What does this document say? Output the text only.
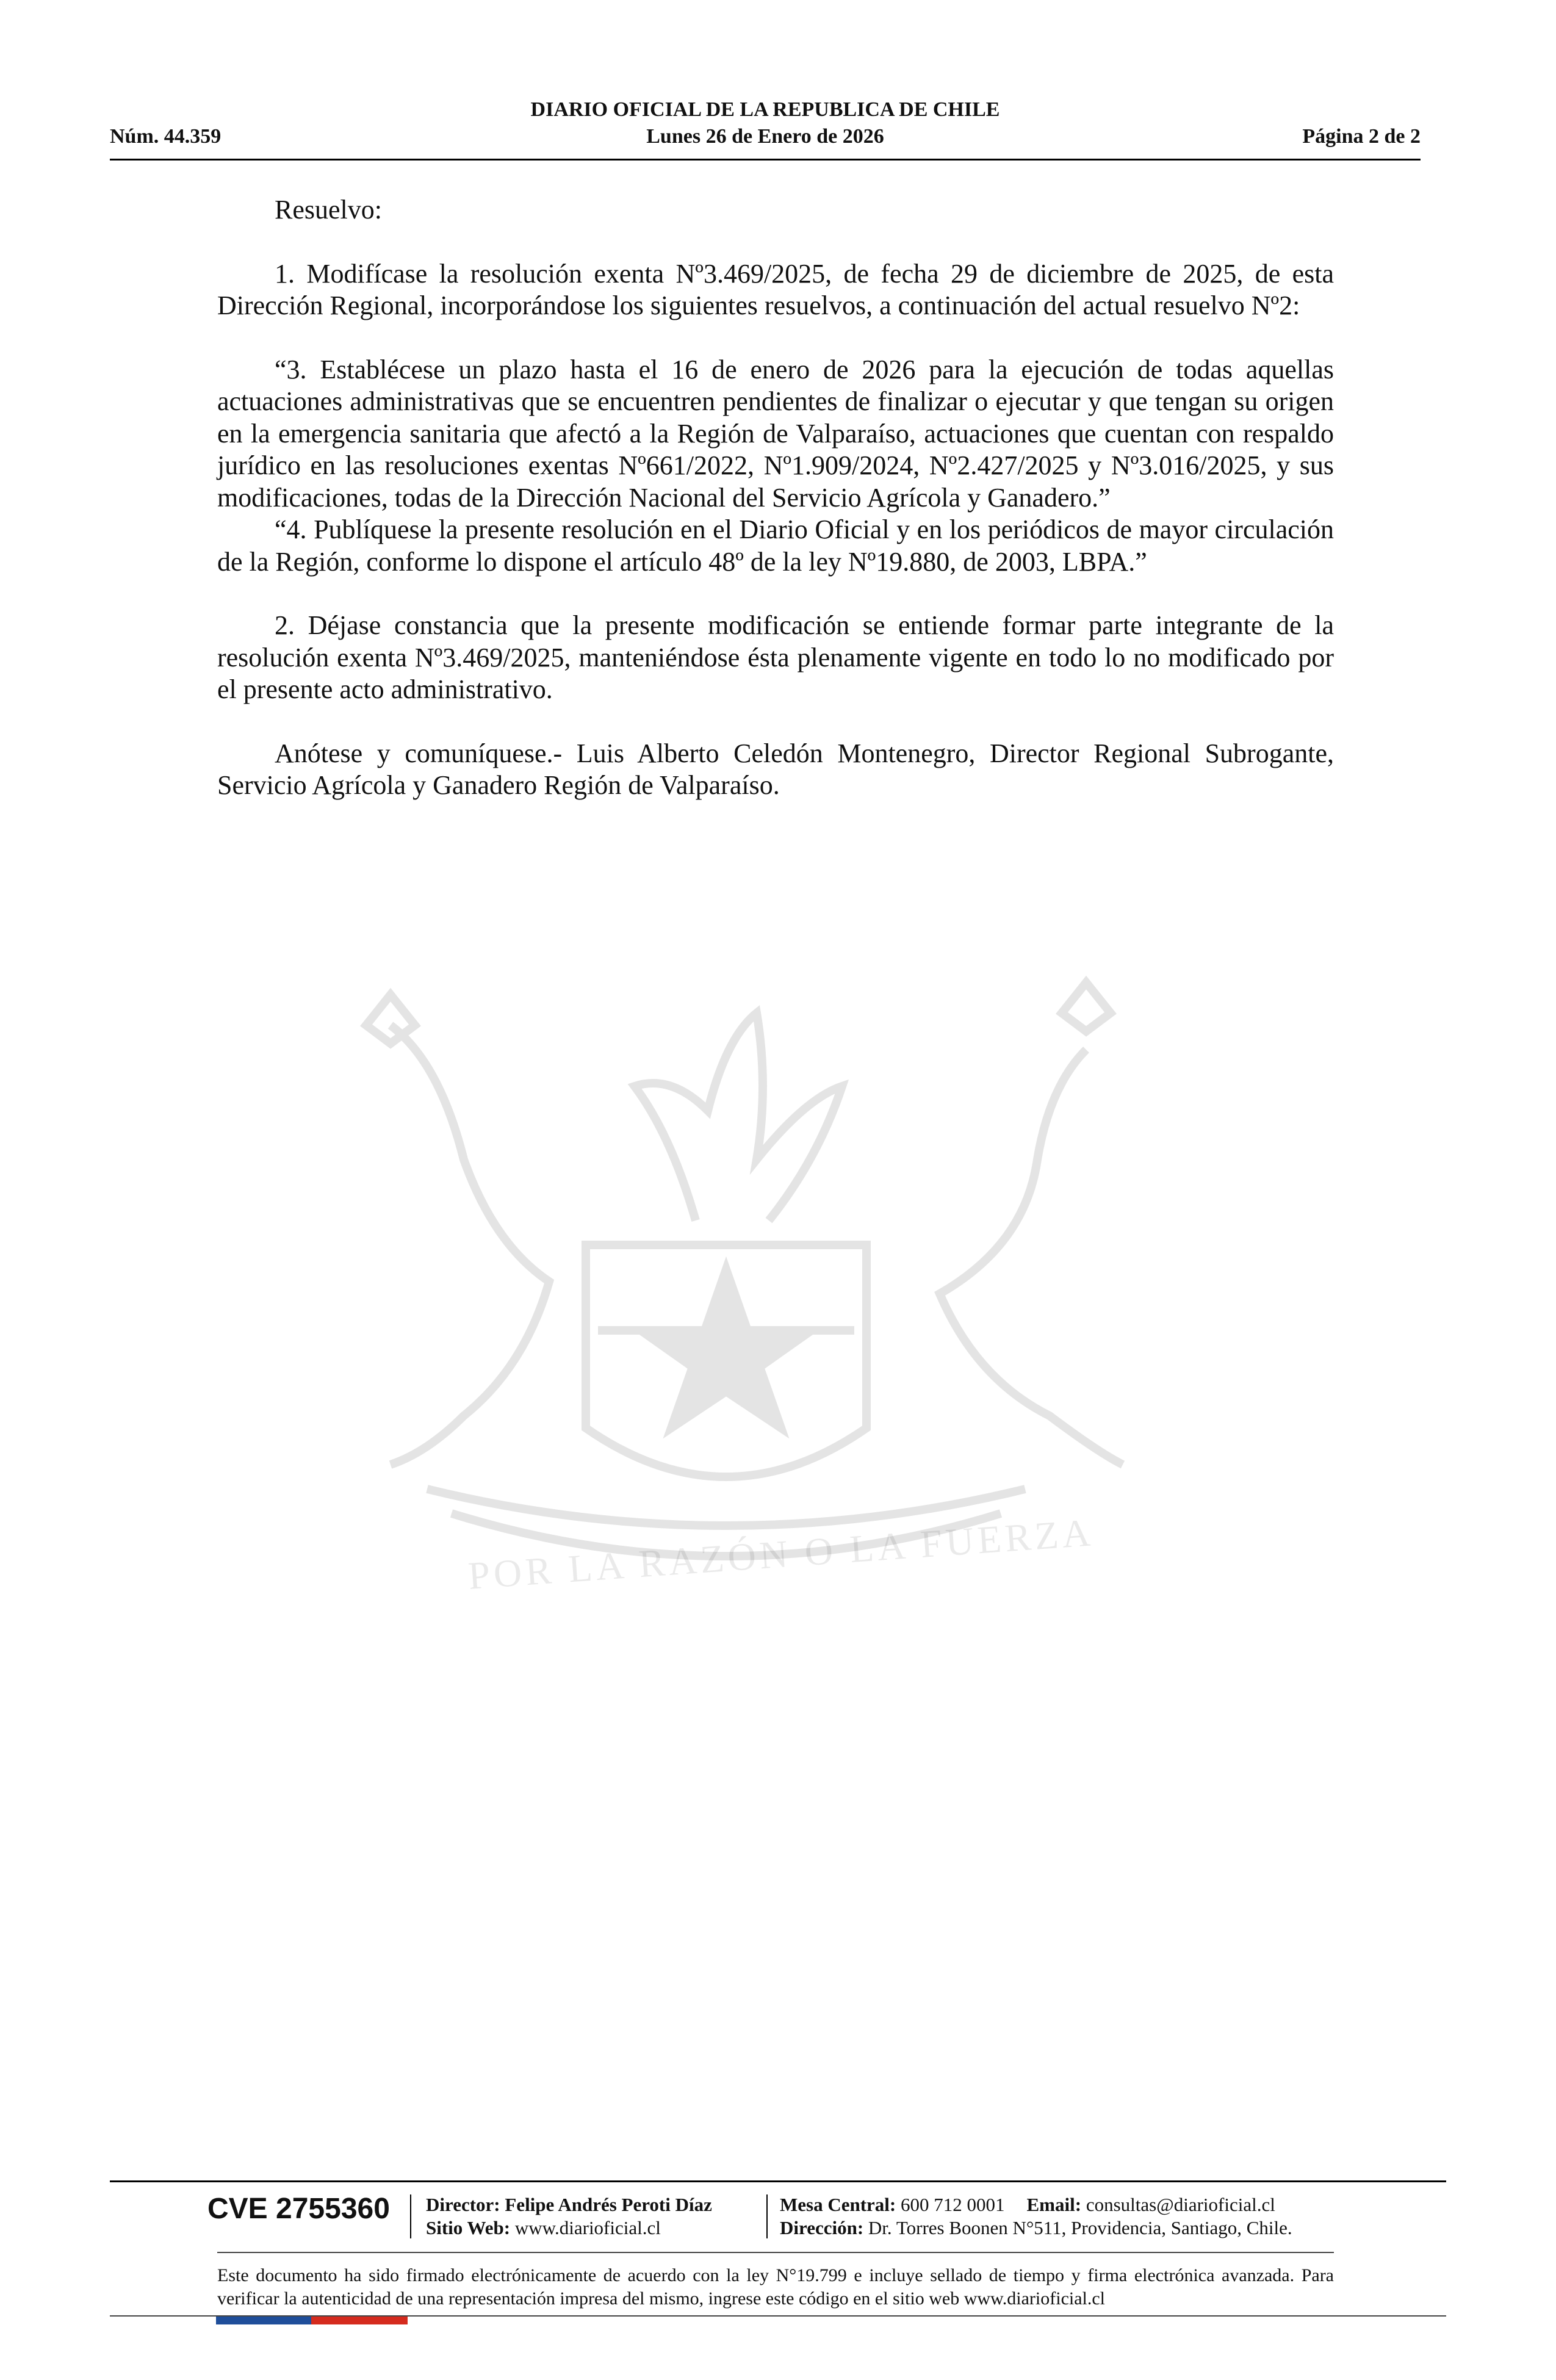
DIARIO OFICIAL DE LA REPUBLICA DE CHILE
Núm. 44.359	Lunes 26 de Enero de 2026	Página 2 de 2
POR LA RAZÓN O LA FUERZA

Resuelvo:

1. Modifícase la resolución exenta Nº3.469/2025, de fecha 29 de diciembre de 2025, de esta Dirección Regional, incorporándose los siguientes resuelvos, a continuación del actual resuelvo Nº2:

“3. Establécese un plazo hasta el 16 de enero de 2026 para la ejecución de todas aquellas actuaciones administrativas que se encuentren pendientes de finalizar o ejecutar y que tengan su origen en la emergencia sanitaria que afectó a la Región de Valparaíso, actuaciones que cuentan con respaldo jurídico en las resoluciones exentas Nº661/2022, Nº1.909/2024, Nº2.427/2025 y Nº3.016/2025, y sus modificaciones, todas de la Dirección Nacional del Servicio Agrícola y Ganadero.”

“4. Publíquese la presente resolución en el Diario Oficial y en los periódicos de mayor circulación de la Región, conforme lo dispone el artículo 48º de la ley Nº19.880, de 2003, LBPA.”

2. Déjase constancia que la presente modificación se entiende formar parte integrante de la resolución exenta Nº3.469/2025, manteniéndose ésta plenamente vigente en todo lo no modificado por el presente acto administrativo.

Anótese y comuníquese.- Luis Alberto Celedón Montenegro, Director Regional Subrogante, Servicio Agrícola y Ganadero Región de Valparaíso.

CVE 2755360	Director: Felipe Andrés Peroti Díaz
Sitio Web: www.diarioficial.cl
Mesa Central: 600 712 0001 Email: consultas@diarioficial.cl
Dirección: Dr. Torres Boonen N°511, Providencia, Santiago, Chile.
Este documento ha sido firmado electrónicamente de acuerdo con la ley N°19.799 e incluye sellado de tiempo y firma electrónica avanzada. Para verificar la autenticidad de una representación impresa del mismo, ingrese este código en el sitio web www.diarioficial.cl
